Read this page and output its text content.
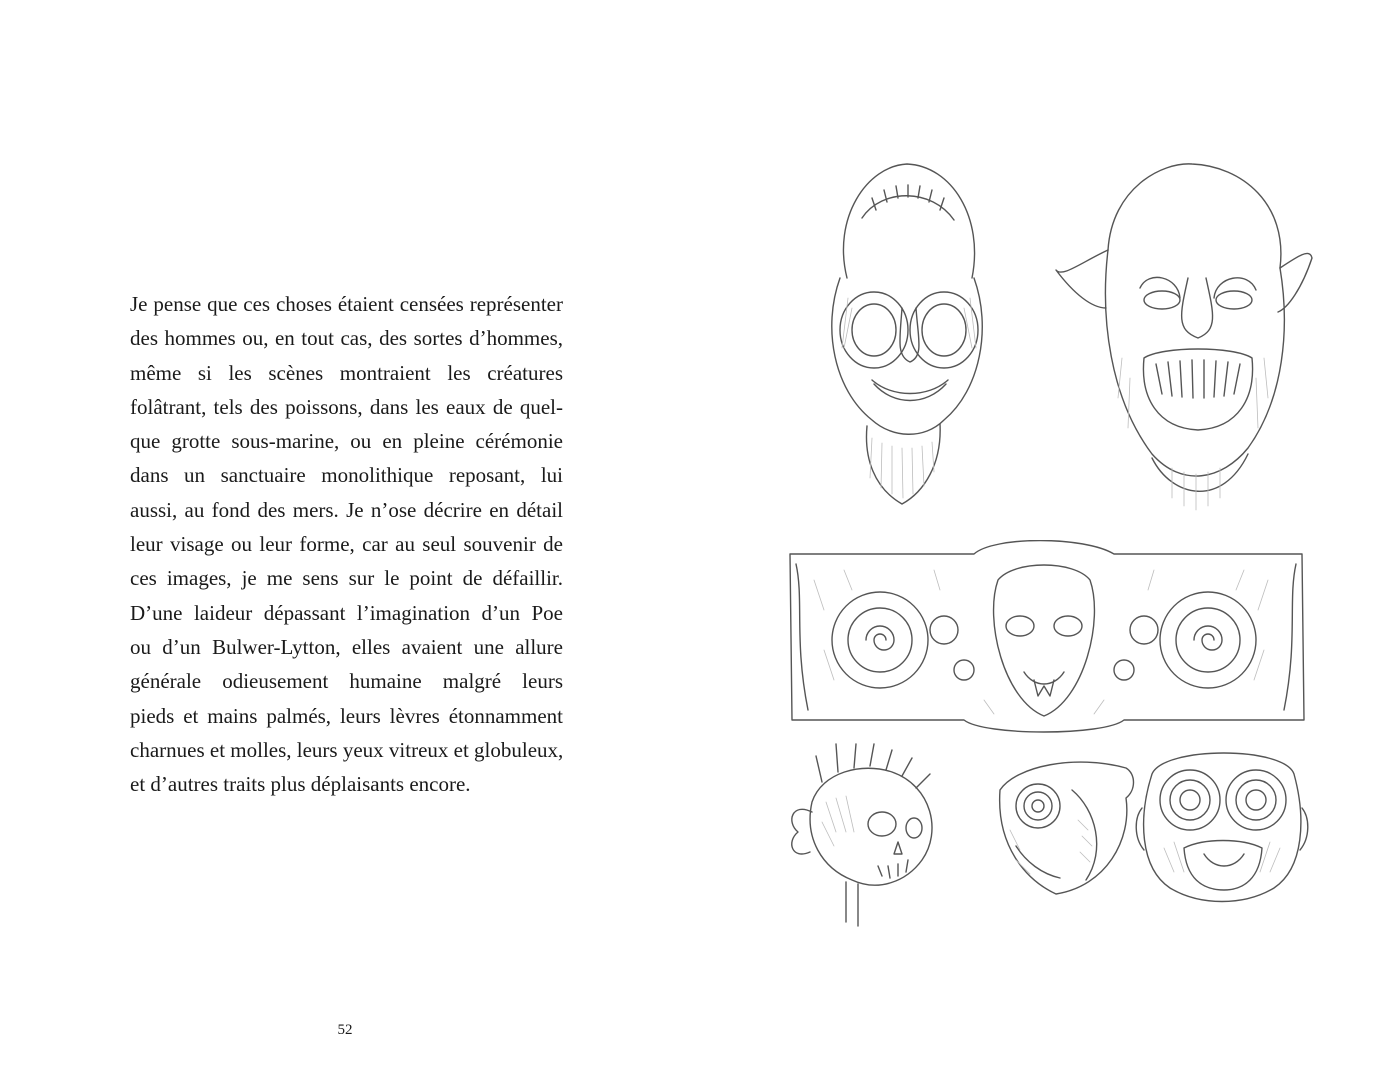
Je pense que ces choses étaient censées représenter
des hommes ou, en tout cas, des sortes d’hommes,
même si les scènes montraient les créatures
folâtrant, tels des poissons, dans les eaux de quel-
que grotte sous-marine, ou en pleine cérémonie
dans un sanctuaire monolithique reposant, lui
aussi, au fond des mers. Je n’ose décrire en détail
leur visage ou leur forme, car au seul souvenir de
ces images, je me sens sur le point de défaillir.
D’une laideur dépassant l’imagination d’un Poe
ou d’un Bulwer-Lytton, elles avaient une allure
générale odieusement humaine malgré leurs
pieds et mains palmés, leurs lèvres étonnamment
charnues et molles, leurs yeux vitreux et globuleux,
et d’autres traits plus déplaisants encore.
52
